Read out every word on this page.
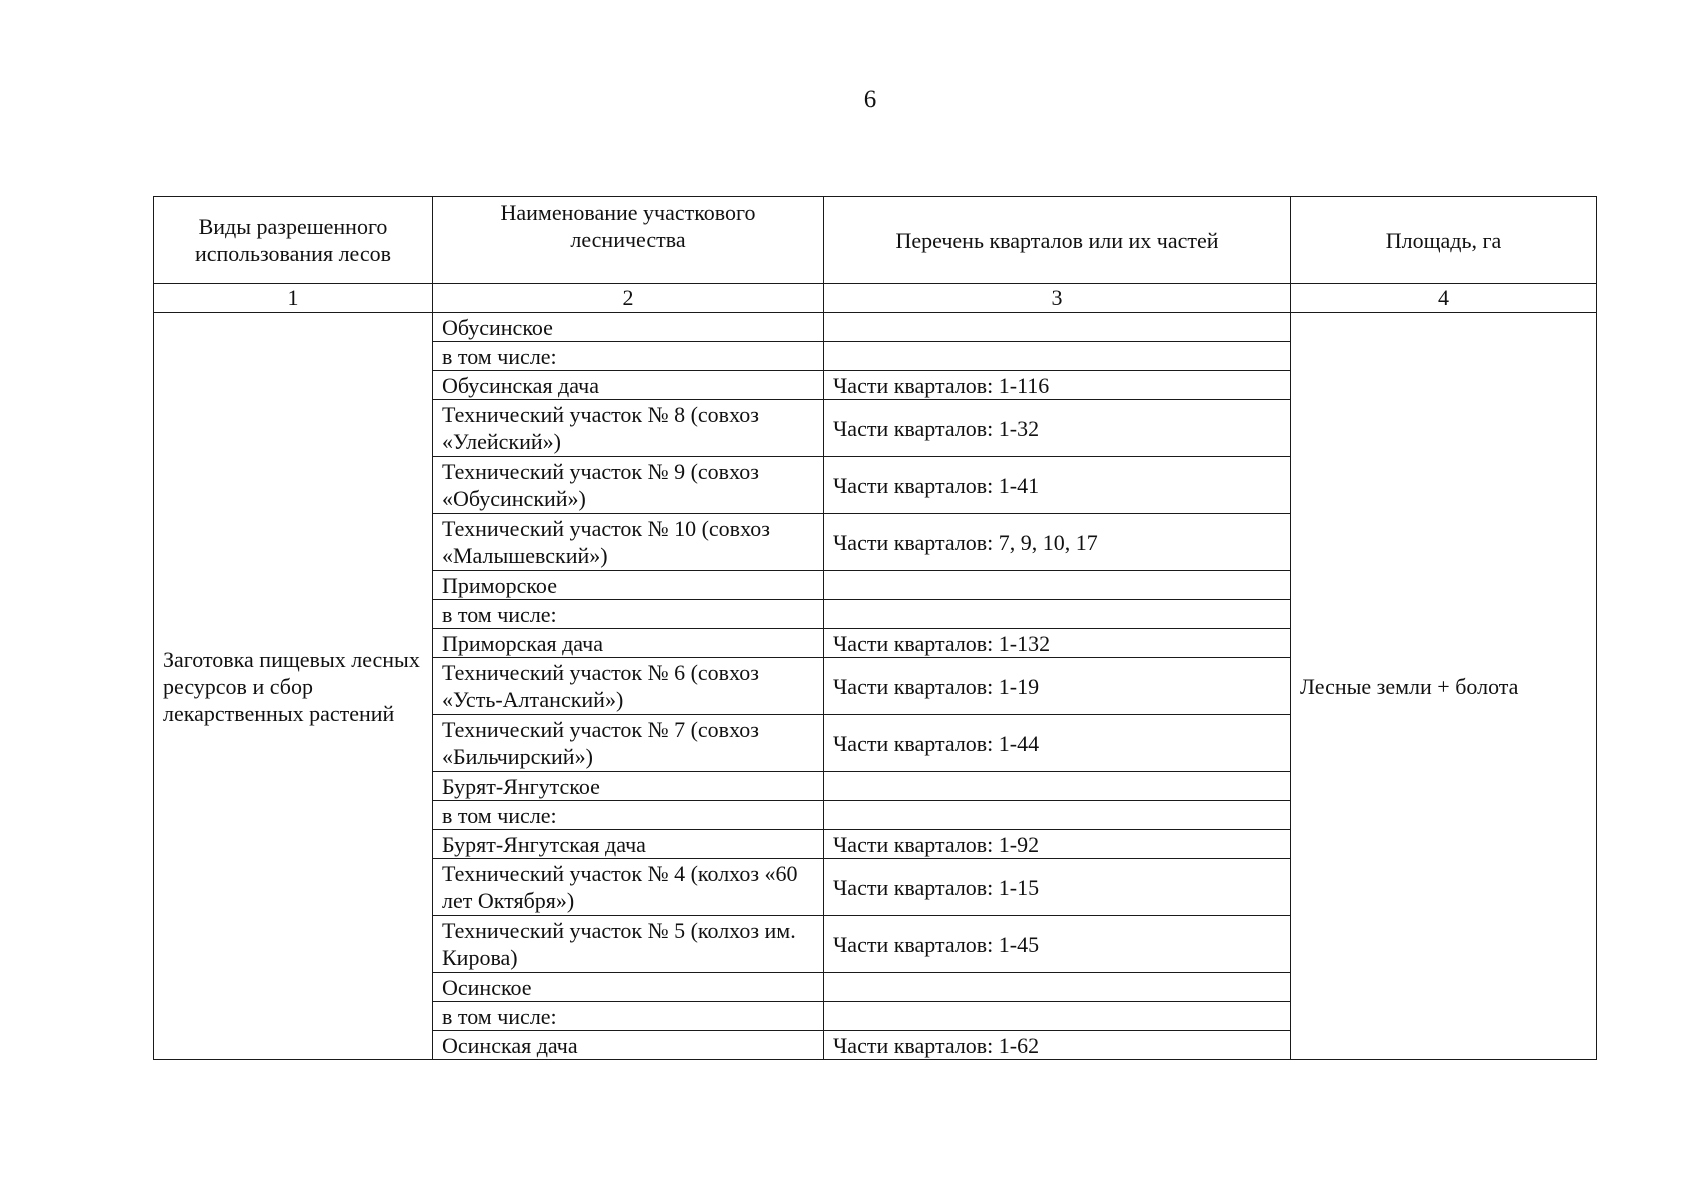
6
Виды разрешенного использования лесов	Наименование участкового лесничества	Перечень кварталов или их частей	Площадь, га
1	2	3	4
Заготовка пищевых лесных ресурсов и сбор лекарственных растений	Обусинское		Лесные земли + болота
	в том числе:		
	Обусинская дача	Части кварталов: 1-116	
	Технический участок № 8 (совхоз «Улейский»)	Части кварталов: 1-32	
	Технический участок № 9 (совхоз «Обусинский»)	Части кварталов: 1-41	
	Технический участок № 10 (совхоз «Малышевский»)	Части кварталов: 7, 9, 10, 17	
	Приморское		
	в том числе:		
	Приморская дача	Части кварталов: 1-132	
	Технический участок № 6 (совхоз «Усть-Алтанский»)	Части кварталов: 1-19	
	Технический участок № 7 (совхоз «Бильчирский»)	Части кварталов: 1-44	
	Бурят-Янгутское		
	в том числе:		
	Бурят-Янгутская дача	Части кварталов: 1-92	
	Технический участок № 4 (колхоз «60 лет Октября»)	Части кварталов: 1-15	
	Технический участок № 5 (колхоз им. Кирова)	Части кварталов: 1-45	
	Осинское		
	в том числе:		
	Осинская дача	Части кварталов: 1-62	
